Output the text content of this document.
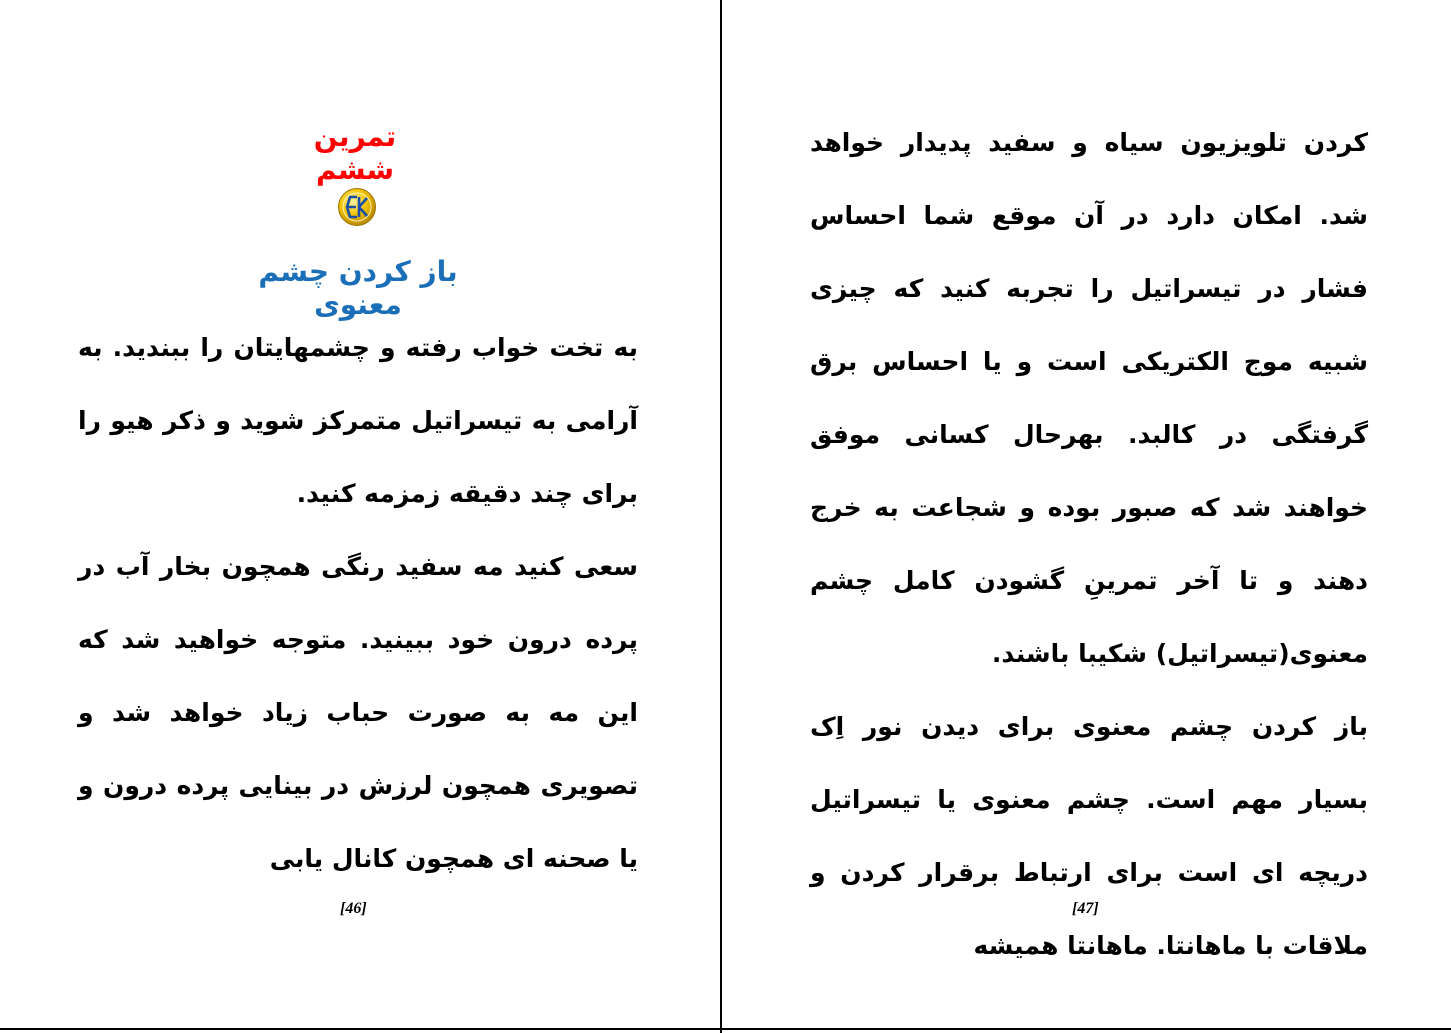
تمرین ششم
باز کردن چشم معنوی

به تخت خواب رفته و چشمهایتان را ببندید. به آرامی به تیسراتیل متمرکز شوید و ذکر هیو را برای چند دقیقه زمزمه کنید.

سعی کنید مه سفید رنگی همچون بخار آب در پرده درون خود ببینید. متوجه خواهید شد که این مه به صورت حباب زیاد خواهد شد و تصویری همچون لرزش در بینایی پرده درون و یا صحنه ای همچون کانال یابی

[46]

کردن تلویزیون سیاه و سفید پدیدار خواهد شد. امکان دارد در آن موقع شما احساس فشار در تیسراتیل را تجربه کنید که چیزی شبیه موج الکتریکی است و یا احساس برق گرفتگی در کالبد. بهرحال کسانی موفق خواهند شد که صبور بوده و شجاعت به خرج دهند و تا آخر تمرینِ گشودن کامل چشم معنوی(تیسراتیل) شکیبا باشند.

باز کردن چشم معنوی برای دیدن نور اِک بسیار مهم است. چشم معنوی یا تیسراتیل دریچه ای است برای ارتباط برقرار کردن و ملاقات با ماهانتا. ماهانتا همیشه

[47]
